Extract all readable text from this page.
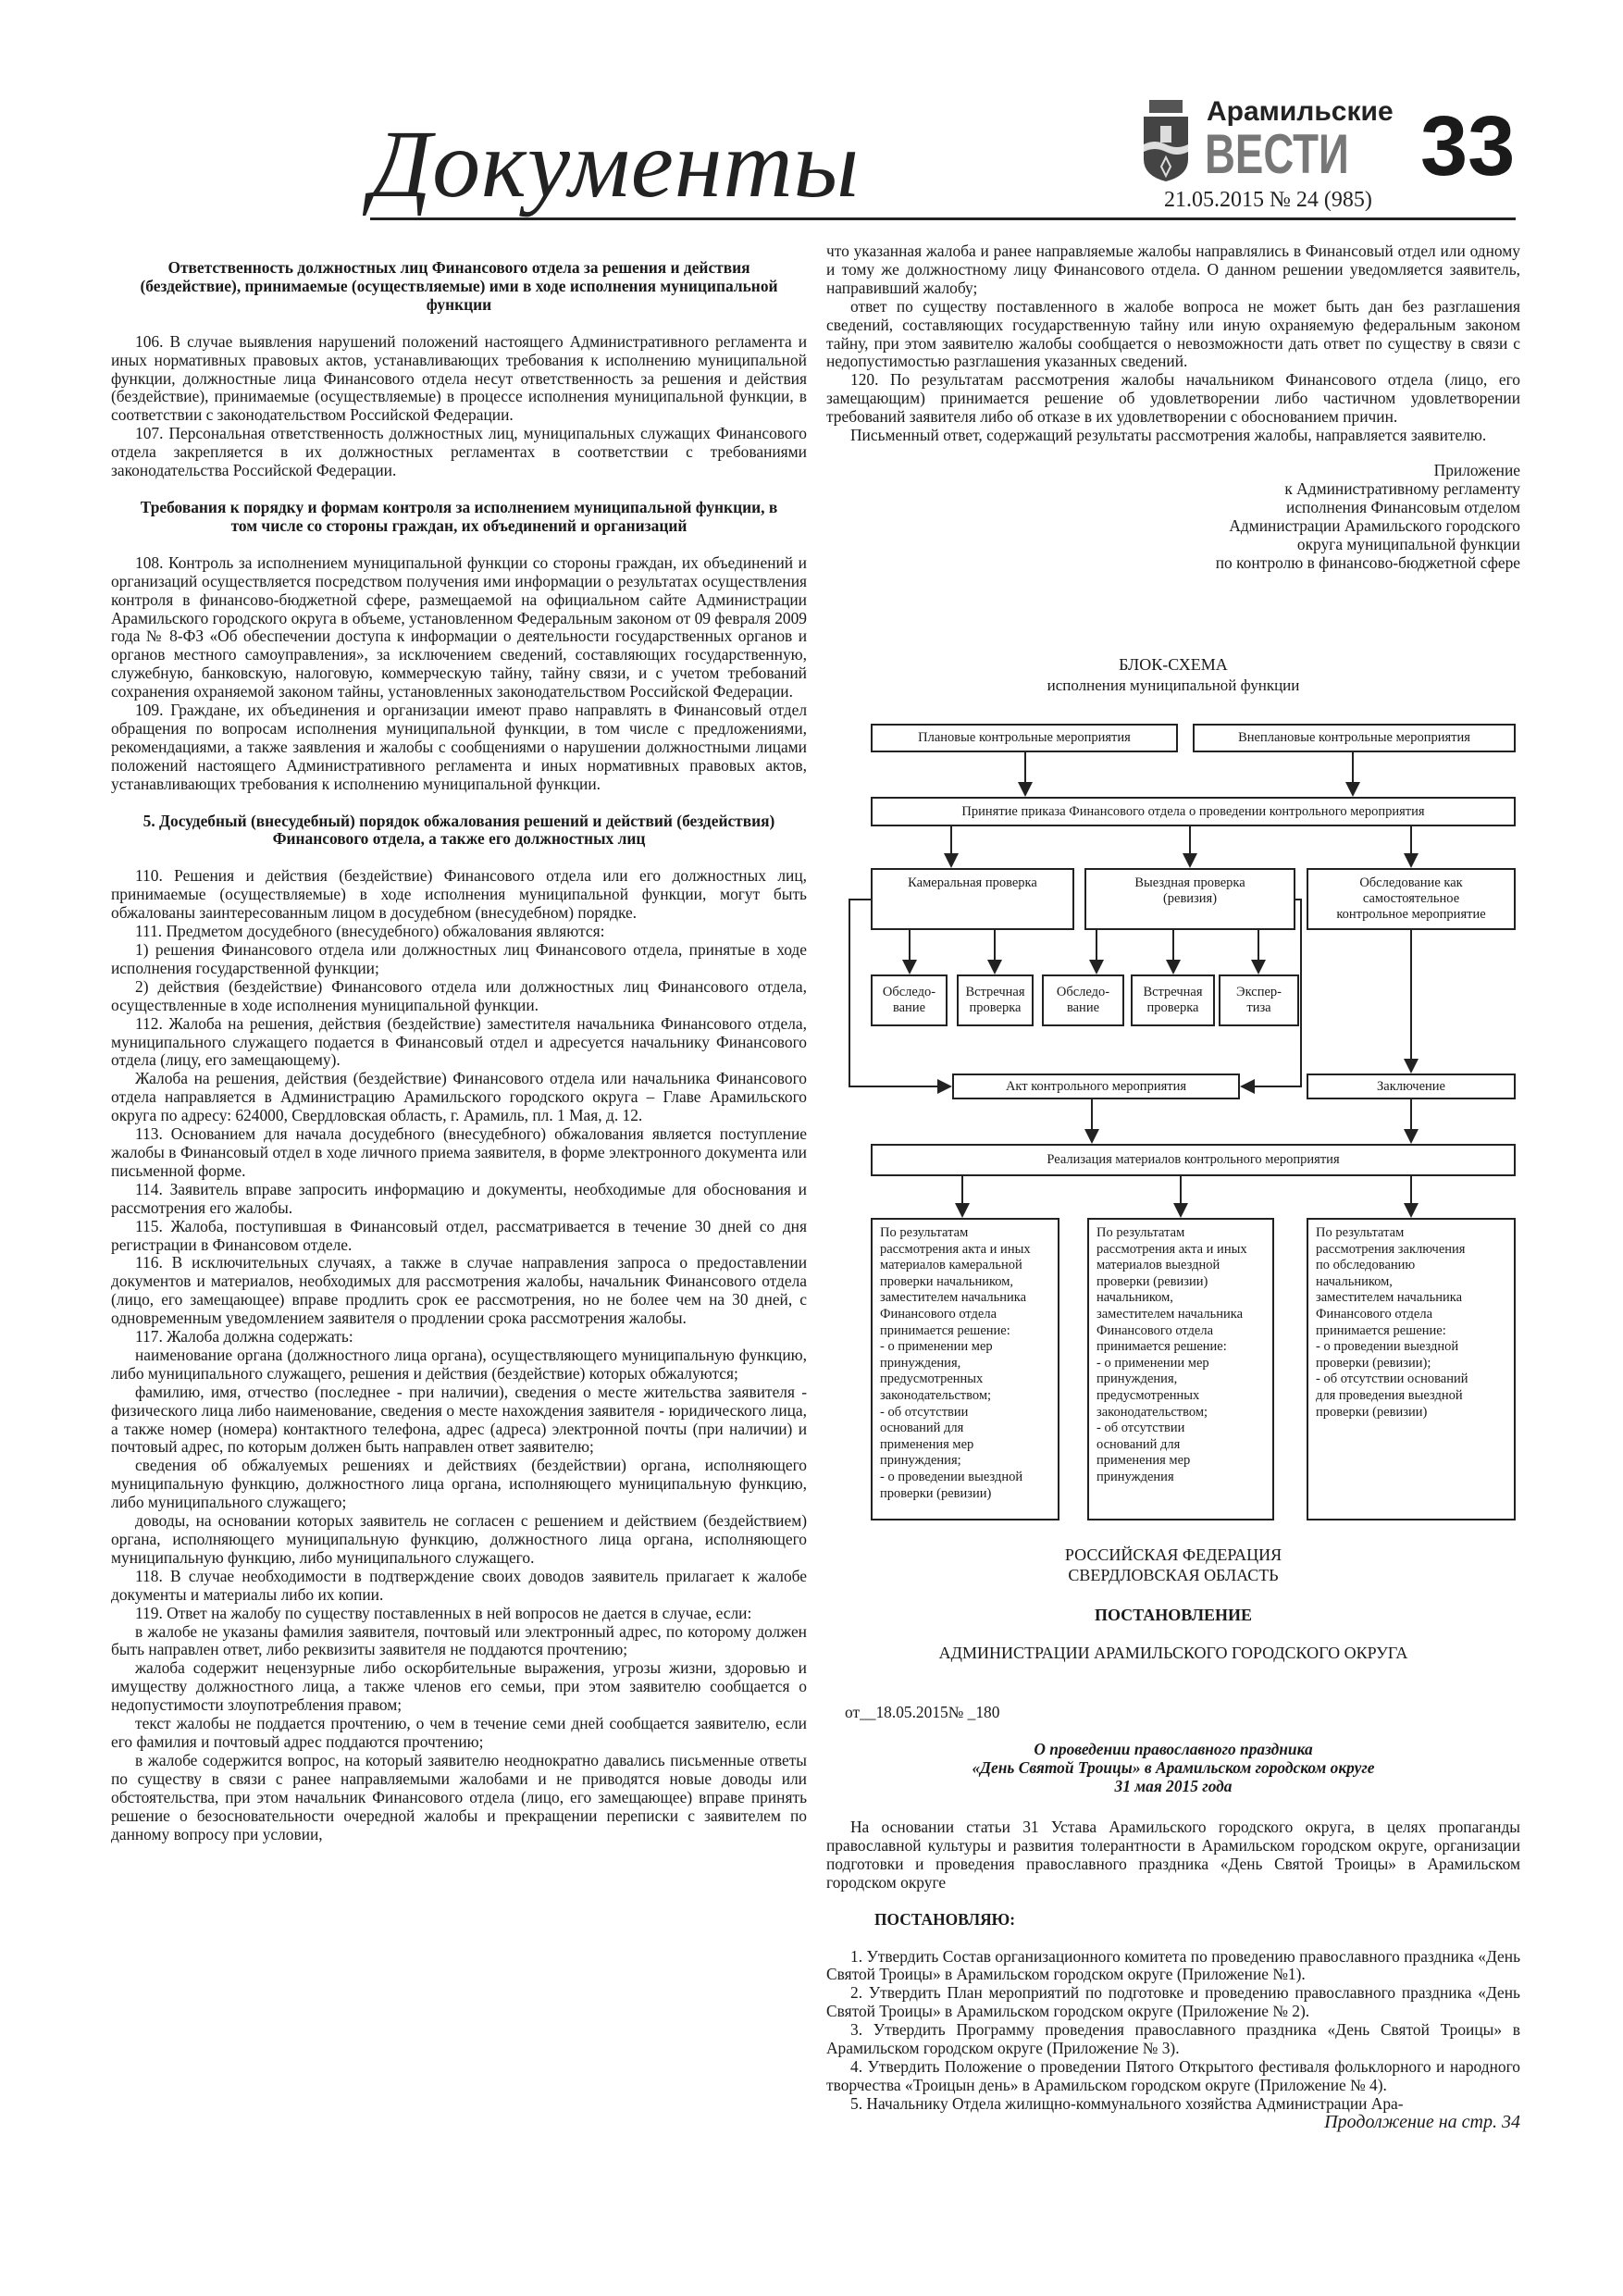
Документы	Арамильские
ВЕСТИ 33
21.05.2015 № 24 (985)
Ответственность должностных лиц Финансового отдела за решения и действия (бездействие), принимаемые (осуществляемые) ими в ходе исполнения муниципальной функции

106. В случае выявления нарушений положений настоящего Административного регламента и иных нормативных правовых актов, устанавливающих требования к исполнению муниципальной функции, должностные лица Финансового отдела несут ответственность за решения и действия (бездействие), принимаемые (осуществляемые) в процессе исполнения муниципальной функции, в соответствии с законодательством Российской Федерации.

107. Персональная ответственность должностных лиц, муниципальных служащих Финансового отдела закрепляется в их должностных регламентах в соответствии с требованиями законодательства Российской Федерации.

Требования к порядку и формам контроля за исполнением муниципальной функции, в том числе со стороны граждан, их объединений и организаций

108. Контроль за исполнением муниципальной функции со стороны граждан, их объединений и организаций осуществляется посредством получения ими информации о результатах осуществления контроля в финансово-бюджетной сфере, размещаемой на официальном сайте Администрации Арамильского городского округа в объеме, установленном Федеральным законом от 09 февраля 2009 года № 8-ФЗ «Об обеспечении доступа к информации о деятельности государственных органов и органов местного самоуправления», за исключением сведений, составляющих государственную, служебную, банковскую, налоговую, коммерческую тайну, тайну связи, и с учетом требований сохранения охраняемой законом тайны, установленных законодательством Российской Федерации.

109. Граждане, их объединения и организации имеют право направлять в Финансовый отдел обращения по вопросам исполнения муниципальной функции, в том числе с предложениями, рекомендациями, а также заявления и жалобы с сообщениями о нарушении должностными лицами положений настоящего Административного регламента и иных нормативных правовых актов, устанавливающих требования к исполнению муниципальной функции.

5. Досудебный (внесудебный) порядок обжалования решений и действий (бездействия) Финансового отдела, а также его должностных лиц

110. Решения и действия (бездействие) Финансового отдела или его должностных лиц, принимаемые (осуществляемые) в ходе исполнения муниципальной функции, могут быть обжалованы заинтересованным лицом в досудебном (внесудебном) порядке.

111. Предметом досудебного (внесудебного) обжалования являются:

1) решения Финансового отдела или должностных лиц Финансового отдела, принятые в ходе исполнения государственной функции;

2) действия (бездействие) Финансового отдела или должностных лиц Финансового отдела, осуществленные в ходе исполнения муниципальной функции.

112. Жалоба на решения, действия (бездействие) заместителя начальника Финансового отдела, муниципального служащего подается в Финансовый отдел и адресуется начальнику Финансового отдела (лицу, его замещающему).

Жалоба на решения, действия (бездействие) Финансового отдела или начальника Финансового отдела направляется в Администрацию Арамильского городского округа – Главе Арамильского округа по адресу: 624000, Свердловская область, г. Арамиль, пл. 1 Мая, д. 12.

113. Основанием для начала досудебного (внесудебного) обжалования является поступление жалобы в Финансовый отдел в ходе личного приема заявителя, в форме электронного документа или письменной форме.

114. Заявитель вправе запросить информацию и документы, необходимые для обоснования и рассмотрения его жалобы.

115. Жалоба, поступившая в Финансовый отдел, рассматривается в течение 30 дней со дня регистрации в Финансовом отделе.

116. В исключительных случаях, а также в случае направления запроса о предоставлении документов и материалов, необходимых для рассмотрения жалобы, начальник Финансового отдела (лицо, его замещающее) вправе продлить срок ее рассмотрения, но не более чем на 30 дней, с одновременным уведомлением заявителя о продлении срока рассмотрения жалобы.

117. Жалоба должна содержать:

наименование органа (должностного лица органа), осуществляющего муниципальную функцию, либо муниципального служащего, решения и действия (бездействие) которых обжалуются;

фамилию, имя, отчество (последнее - при наличии), сведения о месте жительства заявителя - физического лица либо наименование, сведения о месте нахождения заявителя - юридического лица, а также номер (номера) контактного телефона, адрес (адреса) электронной почты (при наличии) и почтовый адрес, по которым должен быть направлен ответ заявителю;

сведения об обжалуемых решениях и действиях (бездействии) органа, исполняющего муниципальную функцию, должностного лица органа, исполняющего муниципальную функцию, либо муниципального служащего;

доводы, на основании которых заявитель не согласен с решением и действием (бездействием) органа, исполняющего муниципальную функцию, должностного лица органа, исполняющего муниципальную функцию, либо муниципального служащего.

118. В случае необходимости в подтверждение своих доводов заявитель прилагает к жалобе документы и материалы либо их копии.

119. Ответ на жалобу по существу поставленных в ней вопросов не дается в случае, если:

в жалобе не указаны фамилия заявителя, почтовый или электронный адрес, по которому должен быть направлен ответ, либо реквизиты заявителя не поддаются прочтению;

жалоба содержит нецензурные либо оскорбительные выражения, угрозы жизни, здоровью и имуществу должностного лица, а также членов его семьи, при этом заявителю сообщается о недопустимости злоупотребления правом;

текст жалобы не поддается прочтению, о чем в течение семи дней сообщается заявителю, если его фамилия и почтовый адрес поддаются прочтению;

в жалобе содержится вопрос, на который заявителю неоднократно давались письменные ответы по существу в связи с ранее направляемыми жалобами и не приводятся новые доводы или обстоятельства, при этом начальник Финансового отдела (лицо, его замещающее) вправе принять решение о безосновательности очередной жалобы и прекращении переписки с заявителем по данному вопросу при условии,

что указанная жалоба и ранее направляемые жалобы направлялись в Финансовый отдел или одному и тому же должностному лицу Финансового отдела. О данном решении уведомляется заявитель, направивший жалобу;

ответ по существу поставленного в жалобе вопроса не может быть дан без разглашения сведений, составляющих государственную тайну или иную охраняемую федеральным законом тайну, при этом заявителю жалобы сообщается о невозможности дать ответ по существу в связи с недопустимостью разглашения указанных сведений.

120. По результатам рассмотрения жалобы начальником Финансового отдела (лицо, его замещающим) принимается решение об удовлетворении либо частичном удовлетворении требований заявителя либо об отказе в их удовлетворении с обоснованием причин.

Письменный ответ, содержащий результаты рассмотрения жалобы, направляется заявителю.

Приложение
к Административному регламенту
исполнения Финансовым отделом
Администрации Арамильского городского
округа муниципальной функции
по контролю в финансово-бюджетной сфере
БЛОК-СХЕМА
исполнения муниципальной функции
Плановые контрольные мероприятия	Внеплановые контрольные мероприятия
Принятие приказа Финансового отдела о проведении контрольного мероприятия
Камеральная проверка	Выездная проверка (ревизия)
Обследование как самостоятельное контрольное мероприятие
Обследо-вание
Встречная проверка
Обследо-вание
Встречная проверка
Экспер-тиза
Акт контрольного мероприятия	Заключение
Реализация материалов контрольного мероприятия
По результатам
рассмотрения акта и иных
материалов камеральной
проверки начальником,
заместителем начальника
Финансового отдела
принимается решение:
- о применении мер
принуждения,
предусмотренных
законодательством;
- об отсутствии
оснований для
применения мер
принуждения;
- о проведении выездной
проверки (ревизии)
По результатам
рассмотрения акта и иных
материалов выездной
проверки (ревизии)
начальником,
заместителем начальника
Финансового отдела
принимается решение:
- о применении мер
принуждения,
предусмотренных
законодательством;
- об отсутствии
оснований для
применения мер
принуждения
По результатам
рассмотрения заключения
по обследованию
начальником,
заместителем начальника
Финансового отдела
принимается решение:
- о проведении выездной
проверки (ревизии);
- об отсутствии оснований
для проведения выездной
проверки (ревизии)
РОССИЙСКАЯ ФЕДЕРАЦИЯ
СВЕРДЛОВСКАЯ ОБЛАСТЬ
ПОСТАНОВЛЕНИЕ
АДМИНИСТРАЦИИ АРАМИЛЬСКОГО ГОРОДСКОГО ОКРУГА
от__18.05.2015№ _180
О проведении православного праздника
«День Святой Троицы» в Арамильском городском округе
31 мая 2015 года

На основании статьи 31 Устава Арамильского городского округа, в целях пропаганды православной культуры и развития толерантности в Арамильском городском округе, организации подготовки и проведения православного праздника «День Святой Троицы» в Арамильском городском округе

ПОСТАНОВЛЯЮ:

1. Утвердить Состав организационного комитета по проведению православного праздника «День Святой Троицы» в Арамильском городском округе (Приложение №1).

2. Утвердить План мероприятий по подготовке и проведению православного праздника «День Святой Троицы» в Арамильском городском округе (Приложение № 2).

3. Утвердить Программу проведения православного праздника «День Святой Троицы» в Арамильском городском округе (Приложение № 3).

4. Утвердить Положение о проведении Пятого Открытого фестиваля фольклорного и народного творчества «Троицын день» в Арамильском городском округе (Приложение № 4).

5. Начальнику Отдела жилищно-коммунального хозяйства Администрации Ара-

Продолжение на стр. 34
